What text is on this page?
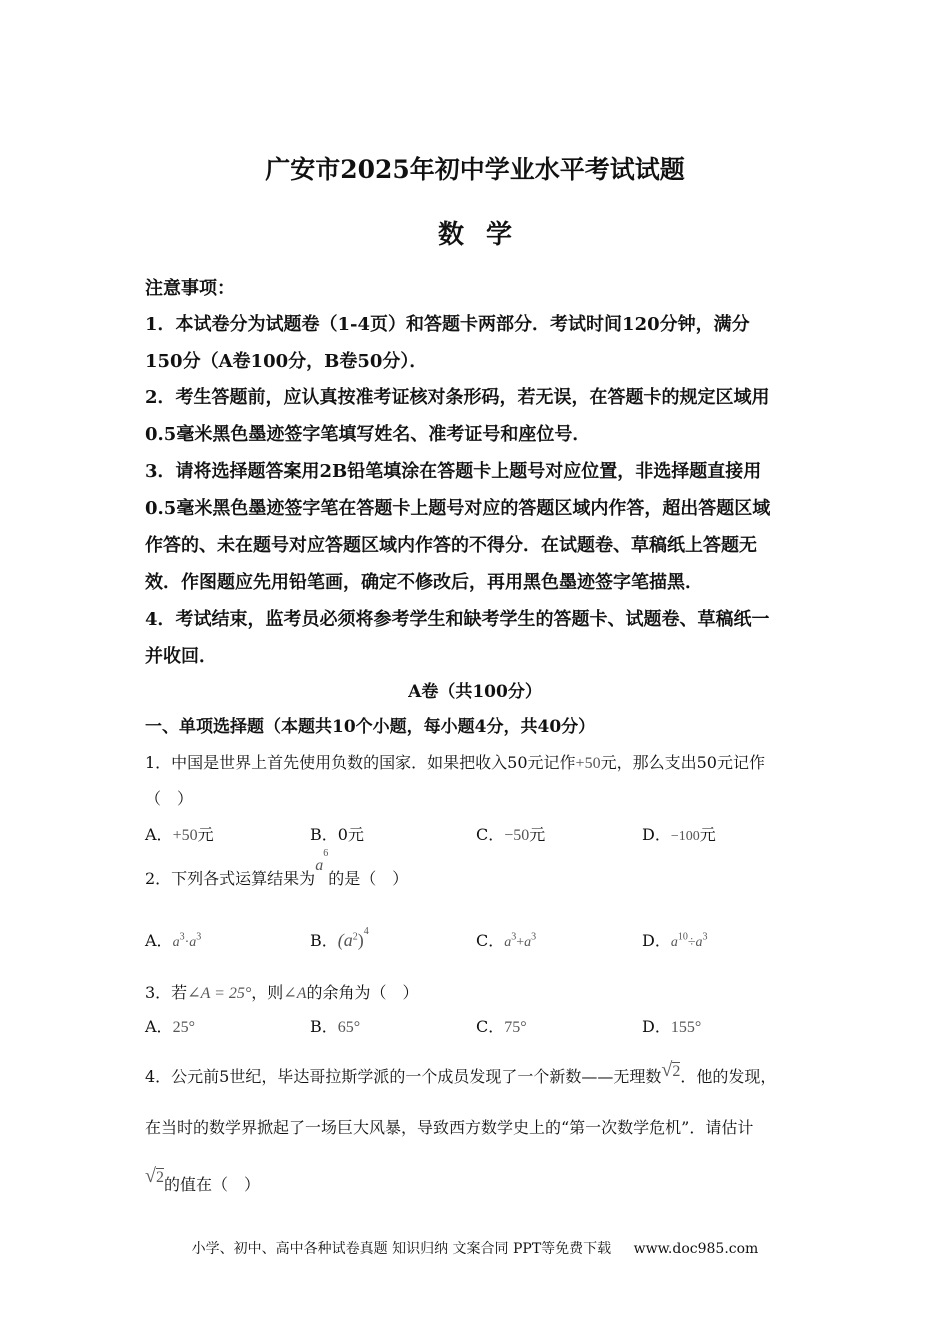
广安市2025年初中学业水平考试试题
数学
注意事项：
1．本试卷分为试题卷（1-4页）和答题卡两部分．考试时间120分钟，满分
150分（A卷100分，B卷50分）．
2．考生答题前，应认真按准考证核对条形码，若无误，在答题卡的规定区域用
0.5毫米黑色墨迹签字笔填写姓名、准考证号和座位号．
3．请将选择题答案用2B铅笔填涂在答题卡上题号对应位置，非选择题直接用
0.5毫米黑色墨迹签字笔在答题卡上题号对应的答题区域内作答，超出答题区域
作答的、未在题号对应答题区域内作答的不得分．在试题卷、草稿纸上答题无
效．作图题应先用铅笔画，确定不修改后，再用黑色墨迹签字笔描黑．
4．考试结束，监考员必须将参考学生和缺考学生的答题卡、试题卷、草稿纸一
并收回．
A卷（共100分）
一、单项选择题（本题共10个小题，每小题4分，共40分）
1．中国是世界上首先使用负数的国家．如果把收入50元记作+50元，那么支出50元记作
（　）
A．+50元	B．0元	C．−50元	D．−100元
2．下列各式运算结果为$a^6$的是（　）
A．$a^3\cdot a^3$	B．$(a^2)^4$	C．$a^3+a^3$	D．$a^{10}\div a^3$
3．若∠A = 25°，则∠A的余角为（　）
A．25°	B．65°	C．75°	D．155°
4．公元前5世纪，毕达哥拉斯学派的一个成员发现了一个新数——无理数√2．他的发现，
在当时的数学界掀起了一场巨大风暴，导致西方数学史上的“第一次数学危机”．请估计
√2的值在（　）
小学、初中、高中各种试卷真题 知识归纳 文案合同 PPT等免费下载 www.doc985.com
